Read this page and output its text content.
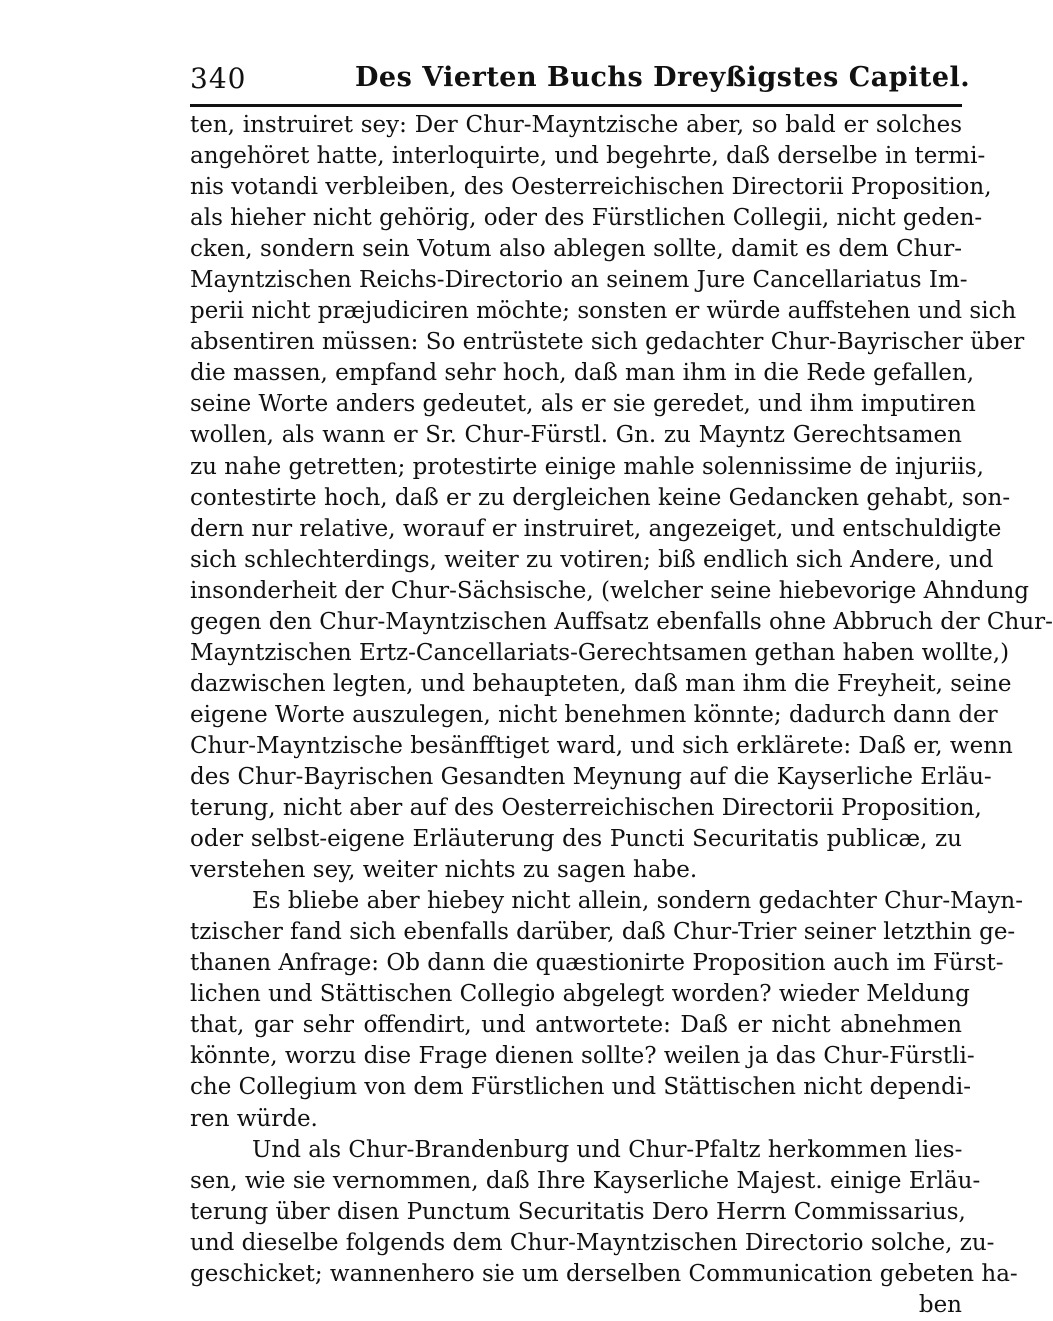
340	Des Vierten Buchs Dreyßigstes Capitel.
ten, instruiret sey: Der Chur-Mayntzische aber, so bald er solches
angehöret hatte, interloquirte, und begehrte, daß derselbe in termi-
nis votandi verbleiben, des Oesterreichischen Directorii Proposition,
als hieher nicht gehörig, oder des Fürstlichen Collegii, nicht geden-
cken, sondern sein Votum also ablegen sollte, damit es dem Chur-
Mayntzischen Reichs-Directorio an seinem Jure Cancellariatus Im-
perii nicht præjudiciren möchte; sonsten er würde auffstehen und sich
absentiren müssen: So entrüstete sich gedachter Chur-Bayrischer über
die massen, empfand sehr hoch, daß man ihm in die Rede gefallen,
seine Worte anders gedeutet, als er sie geredet, und ihm imputiren
wollen, als wann er Sr. Chur-Fürstl. Gn. zu Mayntz Gerechtsamen
zu nahe getretten; protestirte einige mahle solennissime de injuriis,
contestirte hoch, daß er zu dergleichen keine Gedancken gehabt, son-
dern nur relative, worauf er instruiret, angezeiget, und entschuldigte
sich schlechterdings, weiter zu votiren; biß endlich sich Andere, und
insonderheit der Chur-Sächsische, (welcher seine hiebevorige Ahndung
gegen den Chur-Mayntzischen Auffsatz ebenfalls ohne Abbruch der Chur-
Mayntzischen Ertz-Cancellariats-Gerechtsamen gethan haben wollte,)
dazwischen legten, und behaupteten, daß man ihm die Freyheit, seine
eigene Worte auszulegen, nicht benehmen könnte; dadurch dann der
Chur-Mayntzische besänfftiget ward, und sich erklärete: Daß er, wenn
des Chur-Bayrischen Gesandten Meynung auf die Kayserliche Erläu-
terung, nicht aber auf des Oesterreichischen Directorii Proposition,
oder selbst-eigene Erläuterung des Puncti Securitatis publicæ, zu
verstehen sey, weiter nichts zu sagen habe.
Es bliebe aber hiebey nicht allein, sondern gedachter Chur-Mayn-
tzischer fand sich ebenfalls darüber, daß Chur-Trier seiner letzthin ge-
thanen Anfrage: Ob dann die quæstionirte Proposition auch im Fürst-
lichen und Stättischen Collegio abgelegt worden? wieder Meldung
that, gar sehr offendirt, und antwortete: Daß er nicht abnehmen
könnte, worzu dise Frage dienen sollte? weilen ja das Chur-Fürstli-
che Collegium von dem Fürstlichen und Stättischen nicht dependi-
ren würde.
Und als Chur-Brandenburg und Chur-Pfaltz herkommen lies-
sen, wie sie vernommen, daß Ihre Kayserliche Majest. einige Erläu-
terung über disen Punctum Securitatis Dero Herrn Commissarius,
und dieselbe folgends dem Chur-Mayntzischen Directorio solche, zu-
geschicket; wannenhero sie um derselben Communication gebeten ha-
ben
